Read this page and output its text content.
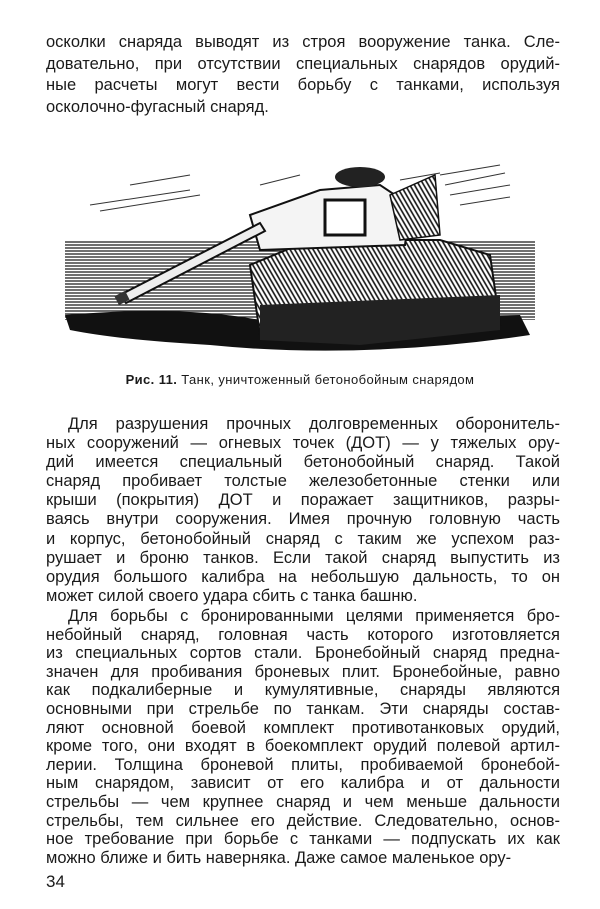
осколки снаряда выводят из строя вооружение танка. Сле-
довательно, при отсутствии специальных снарядов орудий-
ные расчеты могут вести борьбу с танками, используя
осколочно-фугасный снаряд.
Рис. 11. Танк, уничтоженный бетонобойным снарядом
Для разрушения прочных долговременных оборонитель-
ных сооружений — огневых точек (ДОТ) — у тяжелых ору-
дий имеется специальный бетонобойный снаряд. Такой
снаряд пробивает толстые железобетонные стенки или
крыши (покрытия) ДОТ и поражает защитников, разры-
ваясь внутри сооружения. Имея прочную головную часть
и корпус, бетонобойный снаряд с таким же успехом раз-
рушает и броню танков. Если такой снаряд выпустить из
орудия большого калибра на небольшую дальность, то он
может силой своего удара сбить с танка башню.
Для борьбы с бронированными целями применяется бро-
небойный снаряд, головная часть которого изготовляется
из специальных сортов стали. Бронебойный снаряд предна-
значен для пробивания броневых плит. Бронебойные, равно
как подкалиберные и кумулятивные, снаряды являются
основными при стрельбе по танкам. Эти снаряды состав-
ляют основной боевой комплект противотанковых орудий,
кроме того, они входят в боекомплект орудий полевой артил-
лерии. Толщина броневой плиты, пробиваемой бронебой-
ным снарядом, зависит от его калибра и от дальности
стрельбы — чем крупнее снаряд и чем меньше дальности
стрельбы, тем сильнее его действие. Следовательно, основ-
ное требование при борьбе с танками — подпускать их как
можно ближе и бить наверняка. Даже самое маленькое ору-
34
